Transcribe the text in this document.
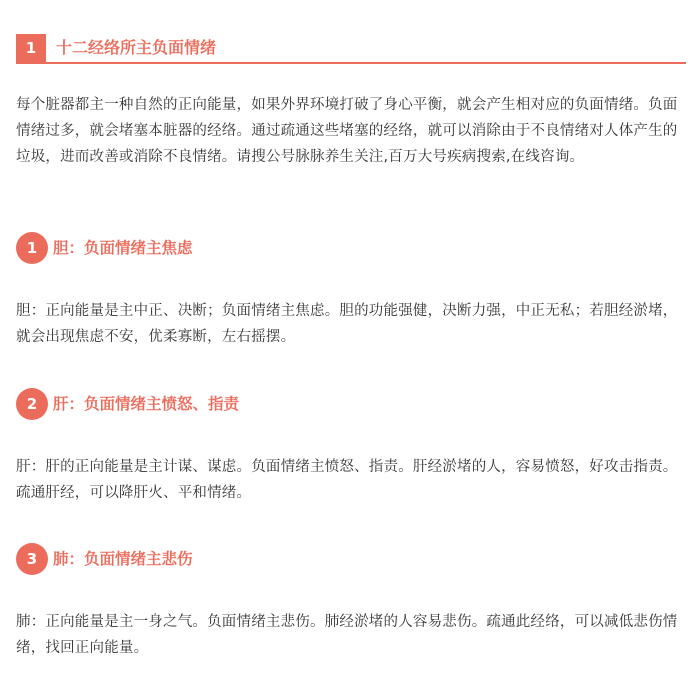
1	十二经络所主负面情绪

每个脏器都主一种自然的正向能量，如果外界环境打破了身心平衡，就会产生相对应的负面情绪。负面情绪过多，就会堵塞本脏器的经络。通过疏通这些堵塞的经络，就可以消除由于不良情绪对人体产生的垃圾，进而改善或消除不良情绪。请搜公号脉脉养生关注,百万大号疾病搜索,在线咨询。

1	胆：负面情绪主焦虑

胆：正向能量是主中正、决断；负面情绪主焦虑。胆的功能强健，决断力强，中正无私；若胆经淤堵，就会出现焦虑不安，优柔寡断，左右摇摆。

2	肝：负面情绪主愤怒、指责

肝：肝的正向能量是主计谋、谋虑。负面情绪主愤怒、指责。肝经淤堵的人，容易愤怒，好攻击指责。疏通肝经，可以降肝火、平和情绪。

3	肺：负面情绪主悲伤

肺：正向能量是主一身之气。负面情绪主悲伤。肺经淤堵的人容易悲伤。疏通此经络，可以减低悲伤情绪，找回正向能量。
